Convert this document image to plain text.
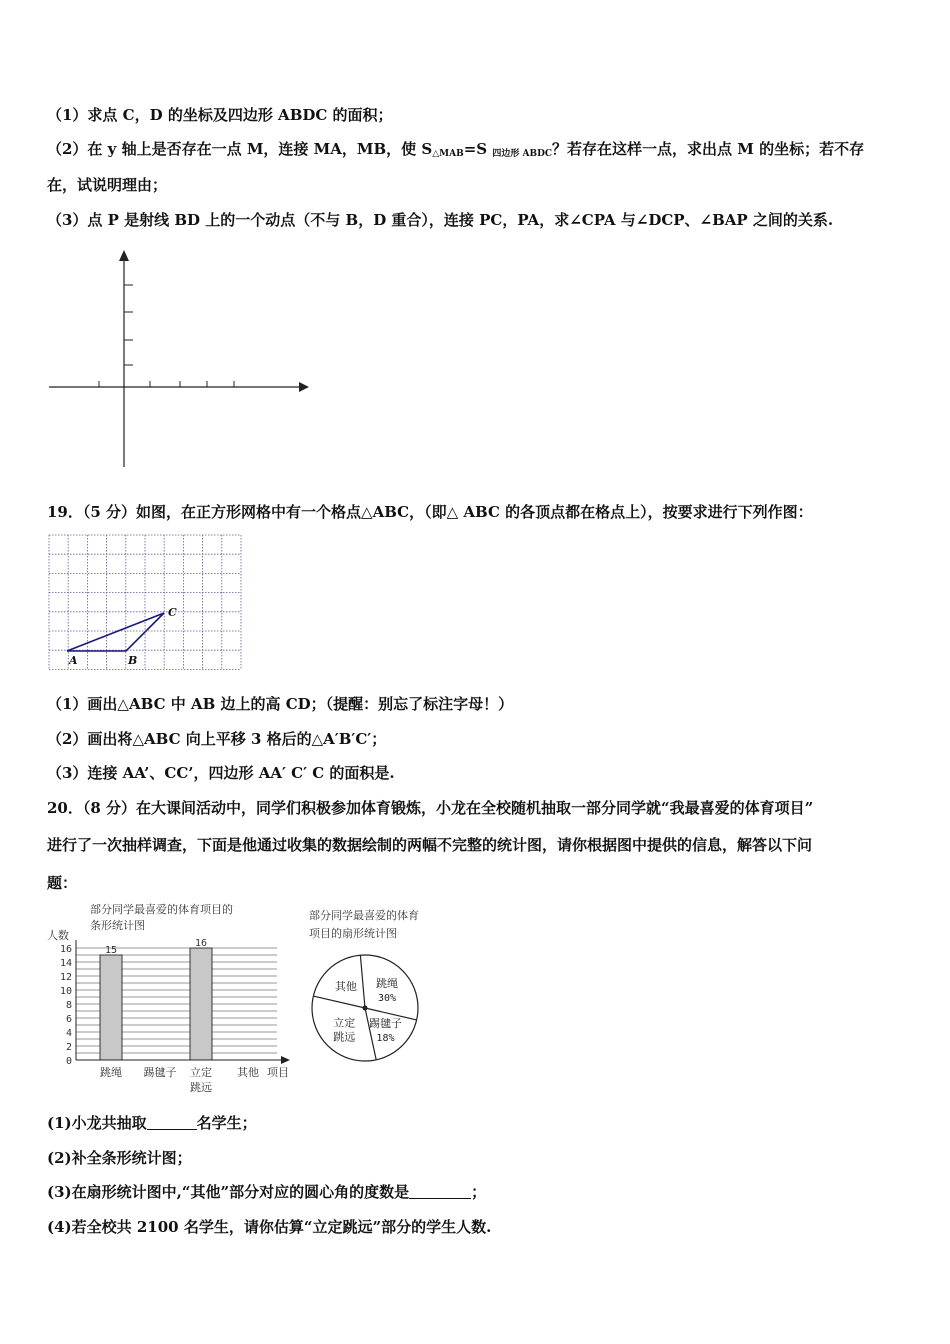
（1）求点 C，D 的坐标及四边形 ABDC 的面积；
（2）在 y 轴上是否存在一点 M，连接 MA，MB，使 $S_{\triangle MAB}=S$ $_{四边形 ABDC}$？若存在这样一点，求出点 M 的坐标；若不存
在，试说明理由；
（3）点 P 是射线 BD 上的一个动点（不与 B，D 重合），连接 PC，PA，求∠CPA 与∠DCP、∠BAP 之间的关系.
19．（5 分）如图，在正方形网格中有一个格点△ABC，（即△ ABC 的各顶点都在格点上），按要求进行下列作图：
A	B
C
（1）画出△ABC 中 AB 边上的高 CD；（提醒：别忘了标注字母！）
（2）画出将△ABC 向上平移 3 格后的△A′B′C′；
（3）连接 AA’、CC’，四边形 AA′ C′ C 的面积是.
20．（8 分）在大课间活动中，同学们积极参加体育锻炼，小龙在全校随机抽取一部分同学就“我最喜爱的体育项目”
进行了一次抽样调查，下面是他通过收集的数据绘制的两幅不完整的统计图，请你根据图中提供的信息，解答以下问
题：
部分同学最喜爱的体育项目的
条形统计图
人数
0
2
4
6
8
10
12
14
16	15
16
跳绳 踢毽子 立定
跳远
其他 项目
部分同学最喜爱的体育
项目的扇形统计图
跳绳
30%
踢毽子
18%
立定
跳远
其他
(1)小龙共抽取	名学生；
(2)补全条形统计图；
(3)在扇形统计图中,“其他”部分对应的圆心角的度数是	；
(4)若全校共 2100 名学生，请你估算“立定跳远”部分的学生人数.
